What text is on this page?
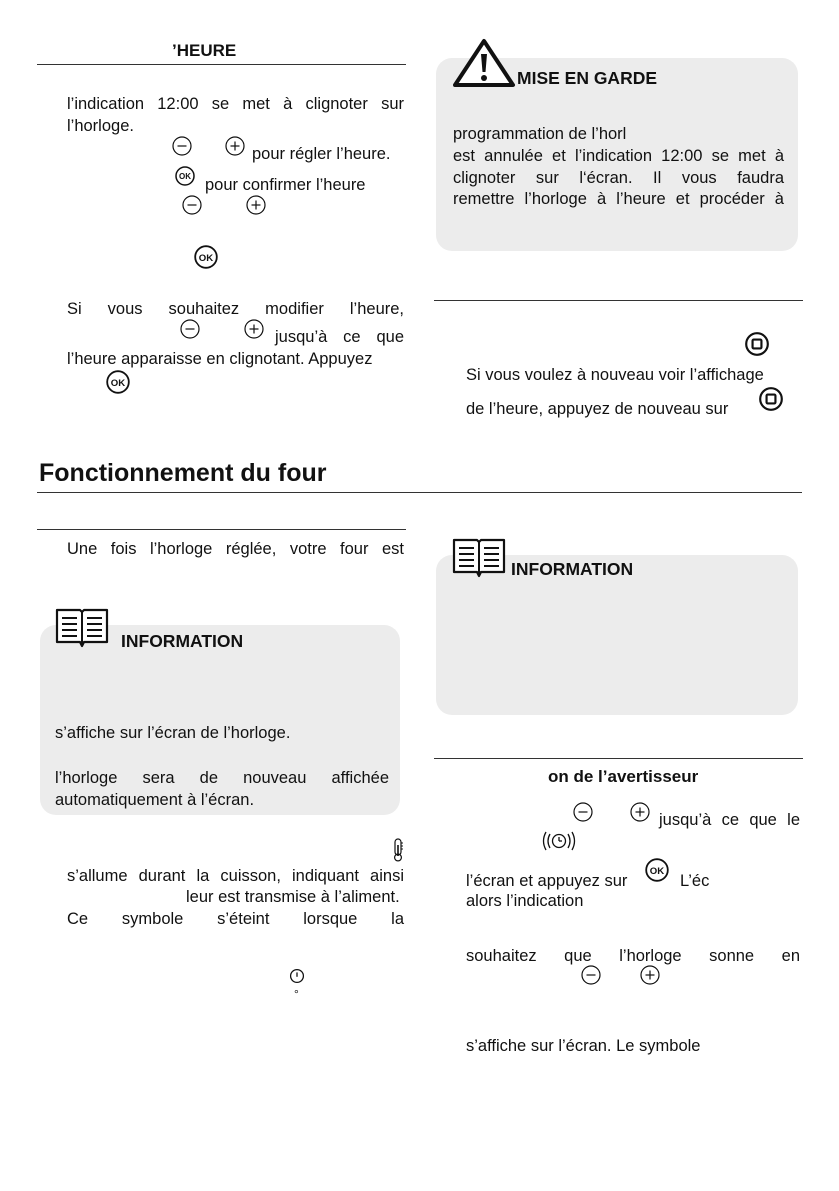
’HEURE
l’indication 12:00 se met à clignoter sur
l’horloge.
pour régler l’heure.
pour confirmer l’heure
Si vous souhaitez modifier l’heure,
jusqu’à ce que
l’heure apparaisse en clignotant. Appuyez
MISE EN GARDE
programmation de l’horl
est annulée et l’indication 12:00 se met à
clignoter sur l‘écran. Il vous faudra
remettre l’horloge à l’heure et procéder à
Si vous voulez à nouveau voir l’affichage
de l’heure, appuyez de nouveau sur
Fonctionnement du four
Une fois l’horloge réglée, votre four est
INFORMATION
s’affiche sur l’écran de l’horloge.
l’horloge sera de nouveau affichée
automatiquement à l’écran.
s’allume durant la cuisson, indiquant ainsi
leur est transmise à l’aliment.
Ce symbole s’éteint lorsque la
°
INFORMATION
on de l’avertisseur
jusqu’à ce que le
l’écran et appuyez sur	L’éc
alors l’indication
souhaitez que l’horloge sonne en
s’affiche sur l’écran. Le symbole
